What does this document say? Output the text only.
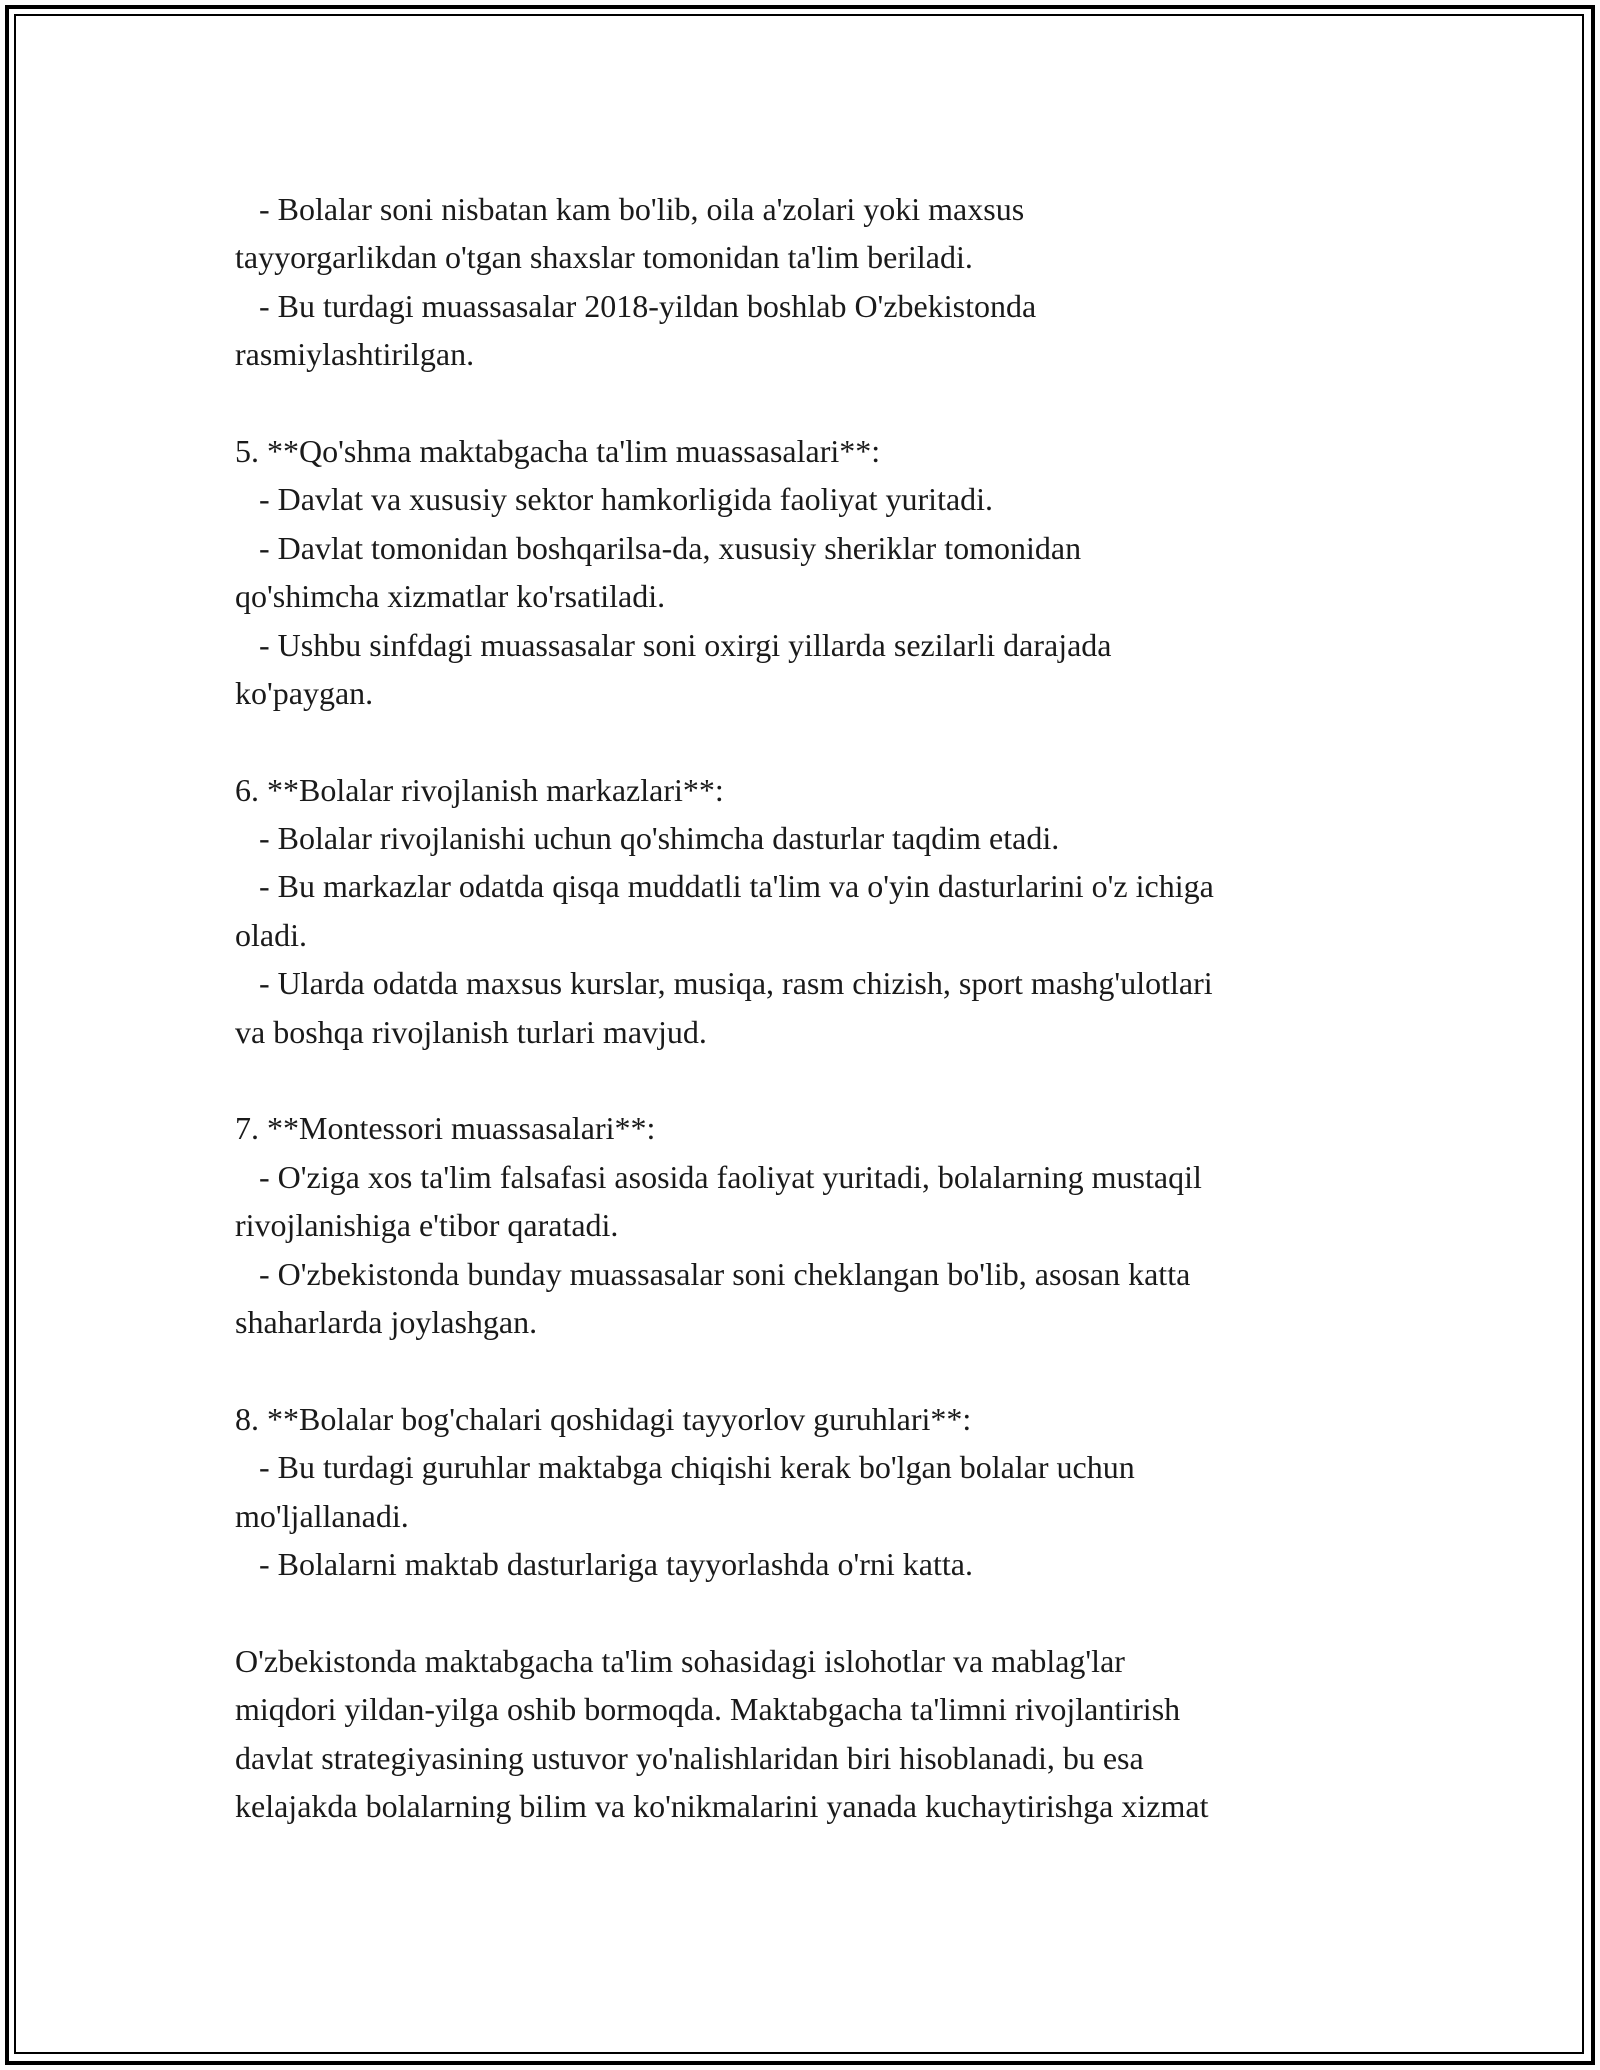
- Bolalar soni nisbatan kam bo'lib, oila a'zolari yoki maxsus
tayyorgarlikdan o'tgan shaxslar tomonidan ta'lim beriladi.
- Bu turdagi muassasalar 2018-yildan boshlab O'zbekistonda
rasmiylashtirilgan.
5. **Qo'shma maktabgacha ta'lim muassasalari**:
- Davlat va xususiy sektor hamkorligida faoliyat yuritadi.
- Davlat tomonidan boshqarilsa-da, xususiy sheriklar tomonidan
qo'shimcha xizmatlar ko'rsatiladi.
- Ushbu sinfdagi muassasalar soni oxirgi yillarda sezilarli darajada
ko'paygan.
6. **Bolalar rivojlanish markazlari**:
- Bolalar rivojlanishi uchun qo'shimcha dasturlar taqdim etadi.
- Bu markazlar odatda qisqa muddatli ta'lim va o'yin dasturlarini o'z ichiga
oladi.
- Ularda odatda maxsus kurslar, musiqa, rasm chizish, sport mashg'ulotlari
va boshqa rivojlanish turlari mavjud.
7. **Montessori muassasalari**:
- O'ziga xos ta'lim falsafasi asosida faoliyat yuritadi, bolalarning mustaqil
rivojlanishiga e'tibor qaratadi.
- O'zbekistonda bunday muassasalar soni cheklangan bo'lib, asosan katta
shaharlarda joylashgan.
8. **Bolalar bog'chalari qoshidagi tayyorlov guruhlari**:
- Bu turdagi guruhlar maktabga chiqishi kerak bo'lgan bolalar uchun
mo'ljallanadi.
- Bolalarni maktab dasturlariga tayyorlashda o'rni katta.
O'zbekistonda maktabgacha ta'lim sohasidagi islohotlar va mablag'lar
miqdori yildan-yilga oshib bormoqda. Maktabgacha ta'limni rivojlantirish
davlat strategiyasining ustuvor yo'nalishlaridan biri hisoblanadi, bu esa
kelajakda bolalarning bilim va ko'nikmalarini yanada kuchaytirishga xizmat
